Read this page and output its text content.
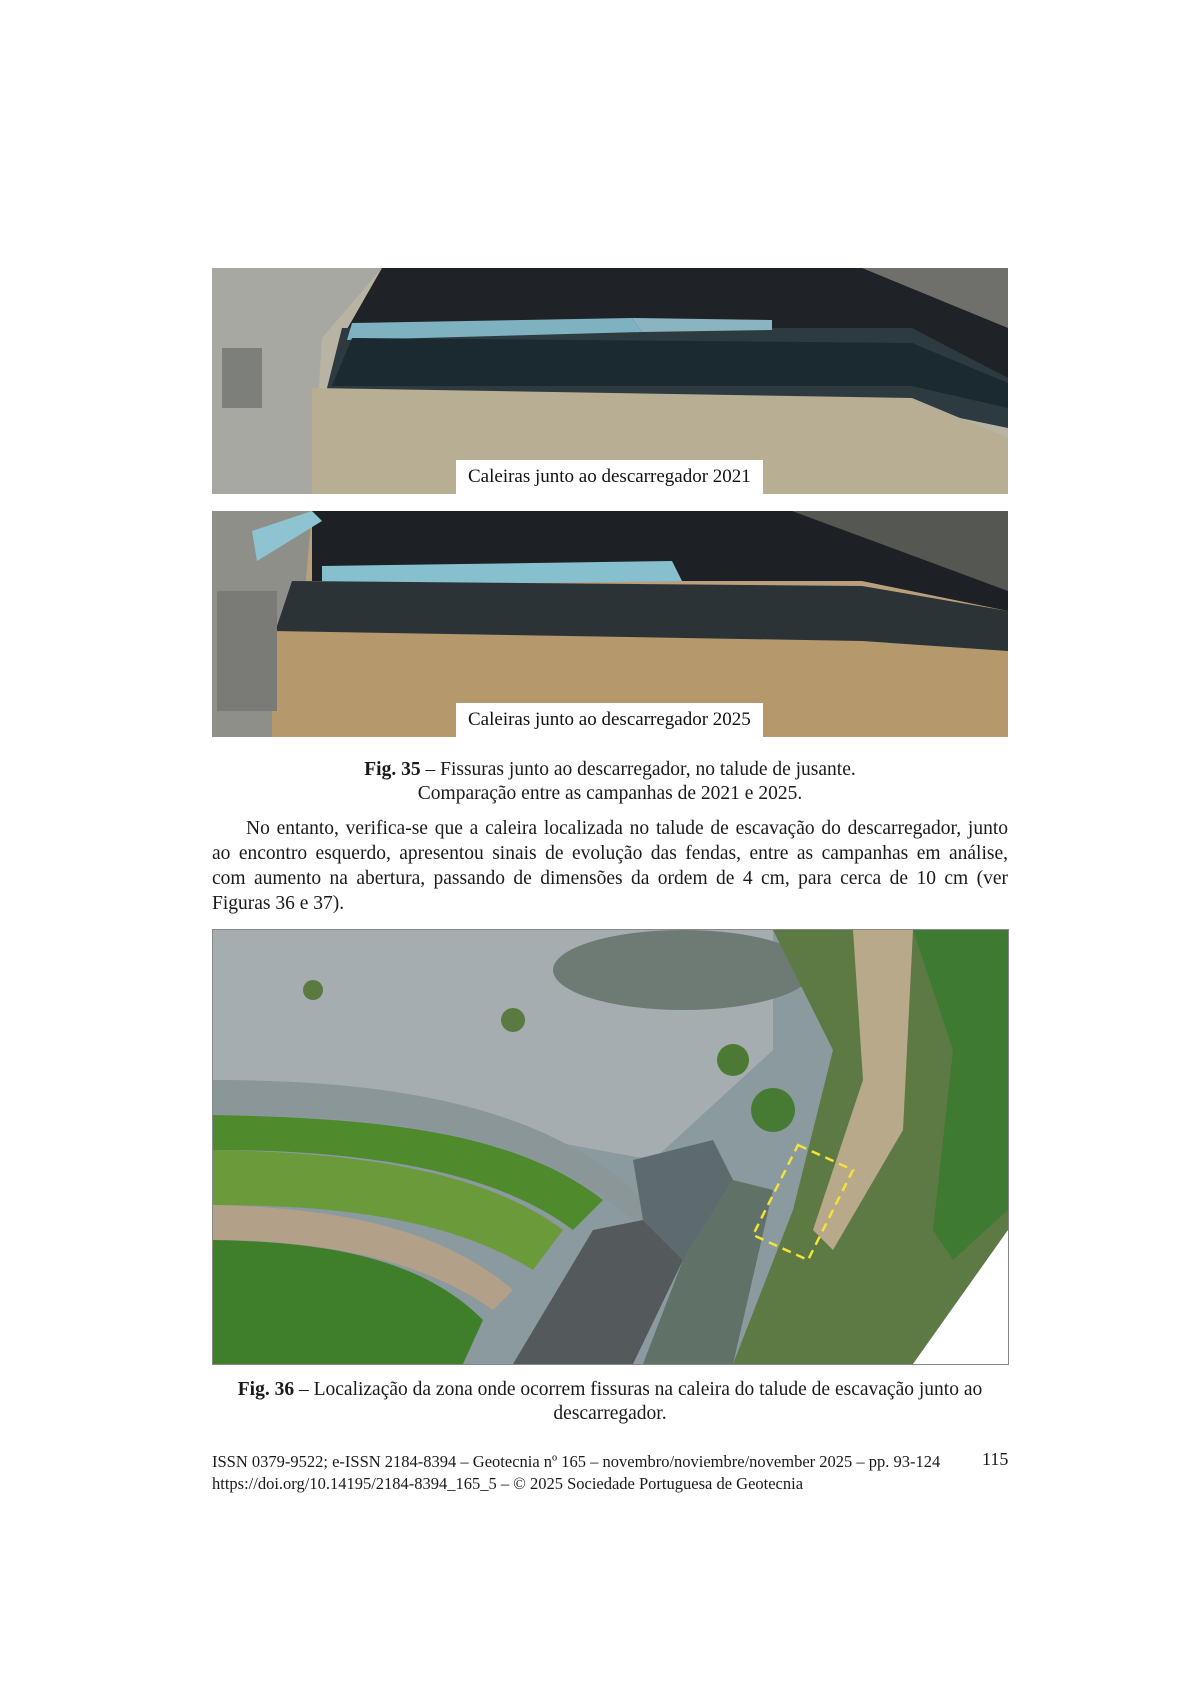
Caleiras junto ao descarregador 2021
Caleiras junto ao descarregador 2025
Fig. 35 – Fissuras junto ao descarregador, no talude de jusante.
Comparação entre as campanhas de 2021 e 2025.
No entanto, verifica-se que a caleira localizada no talude de escavação do descarregador, junto
ao encontro esquerdo, apresentou sinais de evolução das fendas, entre as campanhas em análise,
com aumento na abertura, passando de dimensões da ordem de 4 cm, para cerca de 10 cm (ver
Figuras 36 e 37).
Fig. 36 – Localização da zona onde ocorrem fissuras na caleira do talude de escavação junto ao
descarregador.
ISSN 0379-9522; e-ISSN 2184-8394 – Geotecnia nº 165 – novembro/noviembre/november 2025 – pp. 93-124
https://doi.org/10.14195/2184-8394_165_5 – © 2025 Sociedade Portuguesa de Geotecnia
115
